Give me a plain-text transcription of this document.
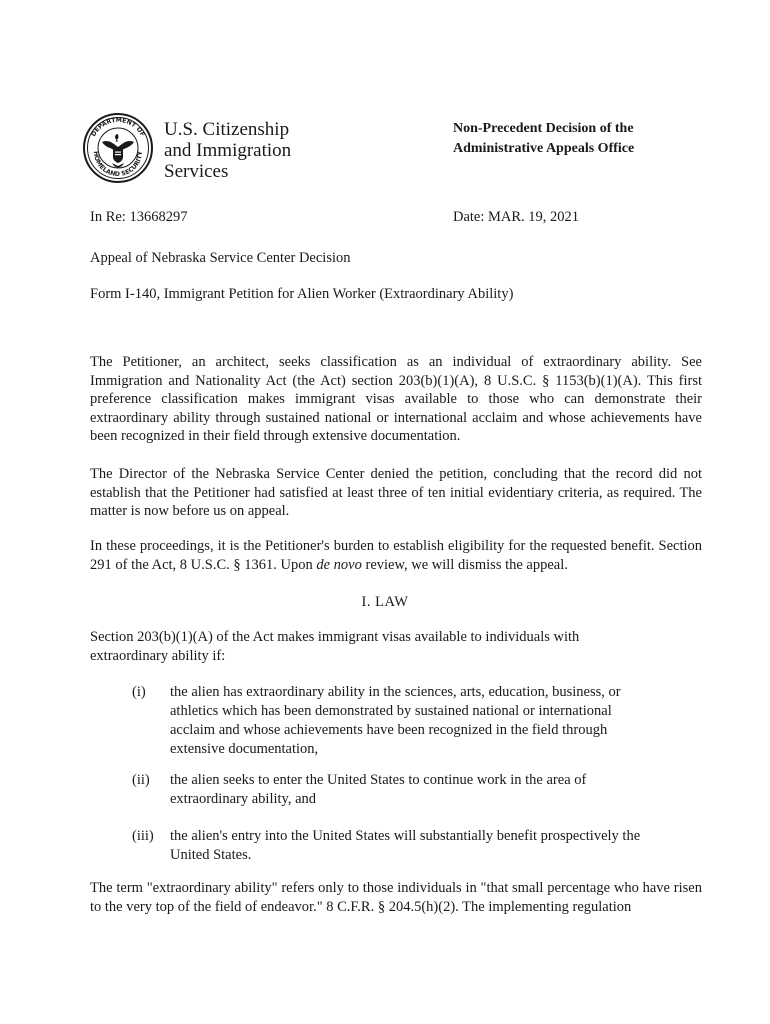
DEPARTMENT OF
HOMELAND SECURITY
U.S. Citizenship
and Immigration
Services
Non-Precedent Decision of the
Administrative Appeals Office
In Re: 13668297	Date: MAR. 19, 2021
Appeal of Nebraska Service Center Decision
Form I-140, Immigrant Petition for Alien Worker (Extraordinary Ability)

The Petitioner, an architect, seeks classification as an individual of extraordinary ability. See Immigration and Nationality Act (the Act) section 203(b)(1)(A), 8 U.S.C. § 1153(b)(1)(A). This first preference classification makes immigrant visas available to those who can demonstrate their extraordinary ability through sustained national or international acclaim and whose achievements have been recognized in their field through extensive documentation.

The Director of the Nebraska Service Center denied the petition, concluding that the record did not establish that the Petitioner had satisfied at least three of ten initial evidentiary criteria, as required. The matter is now before us on appeal.

In these proceedings, it is the Petitioner's burden to establish eligibility for the requested benefit. Section 291 of the Act, 8 U.S.C. § 1361. Upon de novo review, we will dismiss the appeal.

I. LAW

Section 203(b)(1)(A) of the Act makes immigrant visas available to individuals with extraordinary ability if:

(i)	the alien has extraordinary ability in the sciences, arts, education, business, or athletics which has been demonstrated by sustained national or international acclaim and whose achievements have been recognized in the field through extensive documentation,
(ii)	the alien seeks to enter the United States to continue work in the area of extraordinary ability, and
(iii)	the alien's entry into the United States will substantially benefit prospectively the United States.

The term "extraordinary ability" refers only to those individuals in "that small percentage who have risen to the very top of the field of endeavor." 8 C.F.R. § 204.5(h)(2). The implementing regulation
